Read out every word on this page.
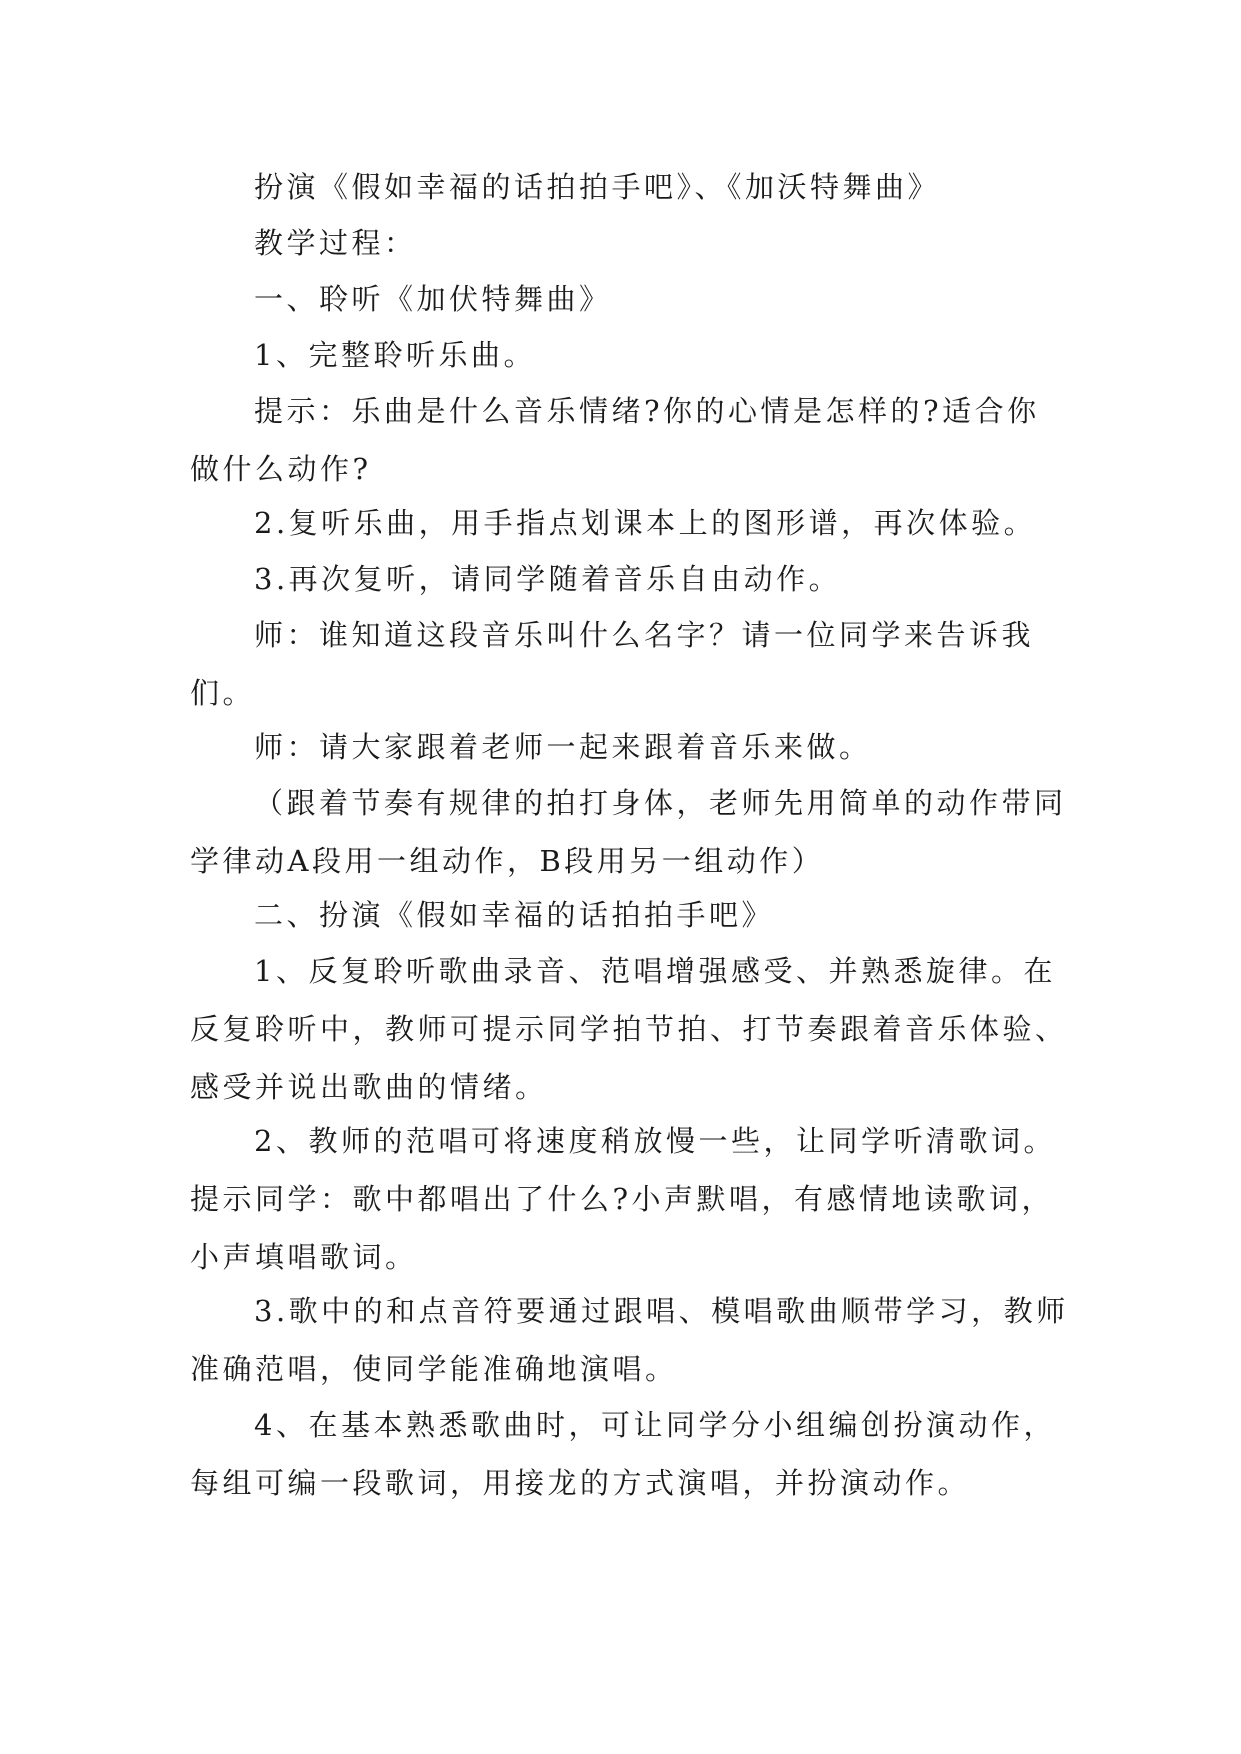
扮演《假如幸福的话拍拍手吧》、《加沃特舞曲》

教学过程：

一、聆听《加伏特舞曲》

1、完整聆听乐曲。

提示：乐曲是什么音乐情绪?你的心情是怎样的?适合你做什么动作?

2.复听乐曲，用手指点划课本上的图形谱，再次体验。

3.再次复听，请同学随着音乐自由动作。

师：谁知道这段音乐叫什么名字？请一位同学来告诉我们。

师：请大家跟着老师一起来跟着音乐来做。

（跟着节奏有规律的拍打身体，老师先用简单的动作带同学律动A段用一组动作，B段用另一组动作）

二、扮演《假如幸福的话拍拍手吧》

1、反复聆听歌曲录音、范唱增强感受、并熟悉旋律。在反复聆听中，教师可提示同学拍节拍、打节奏跟着音乐体验、感受并说出歌曲的情绪。

2、教师的范唱可将速度稍放慢一些，让同学听清歌词。提示同学：歌中都唱出了什么?小声默唱，有感情地读歌词，小声填唱歌词。

3.歌中的和点音符要通过跟唱、模唱歌曲顺带学习，教师准确范唱，使同学能准确地演唱。

4、在基本熟悉歌曲时，可让同学分小组编创扮演动作，每组可编一段歌词，用接龙的方式演唱，并扮演动作。
